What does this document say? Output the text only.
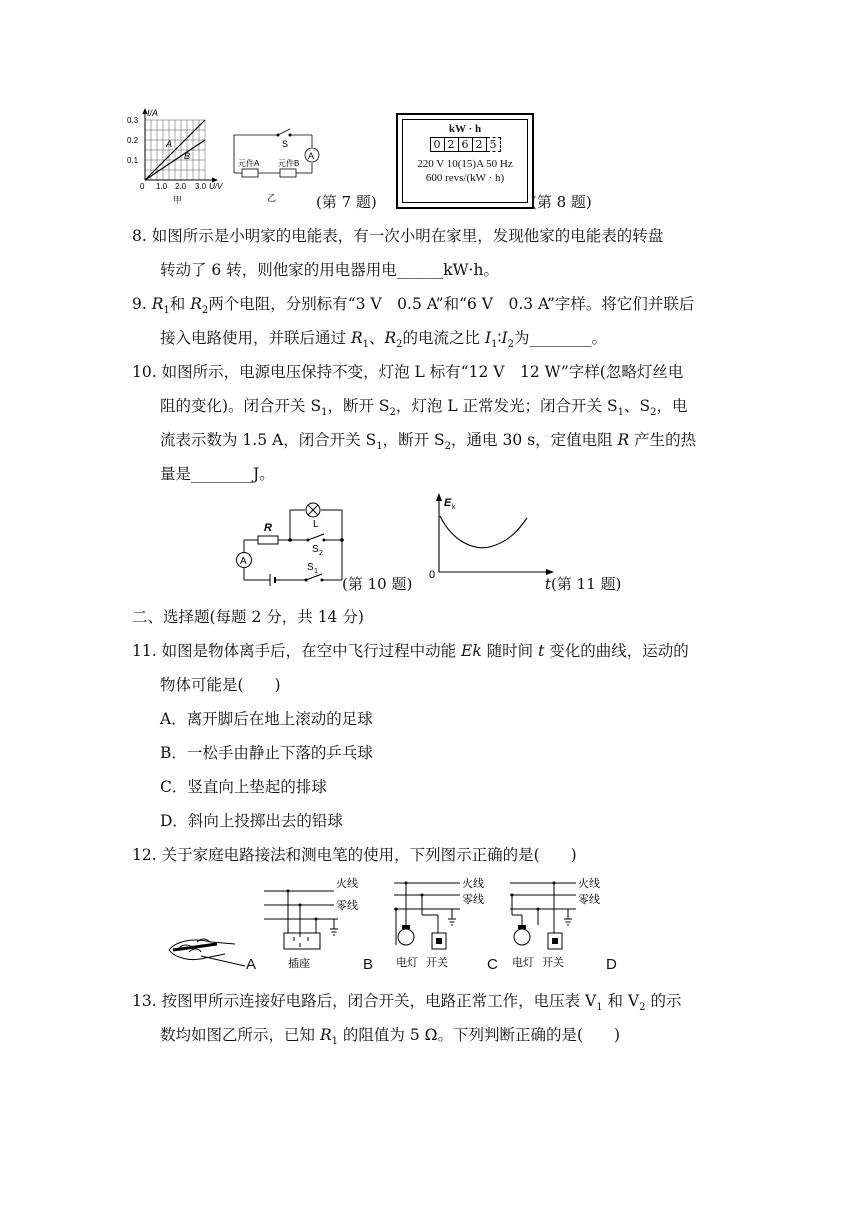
I/A
0.3
0.2
0.1
0 1.0 2.0 3.0 U/V
A
B
甲
S
A
元件A 元件B
乙	(第 7 题)
kW · h
0 2 6 2 5
220 V 10(15)A 50 Hz
600 revs/(kW · h)
(第 8 题)
8. 如图所示是小明家的电能表，有一次小明在家里，发现他家的电能表的转盘
转动了 6 转，则他家的用电器用电______kW·h。
9. $R_1$和 $R_2$两个电阻，分别标有“3 V　0.5 A”和“6 V　0.3 A”字样。将它们并联后
接入电路使用，并联后通过 $R_1$、$R_2$的电流之比 $I_1∶I_2$为________。
10. 如图所示，电源电压保持不变，灯泡 L 标有“12 V　12 W”字样(忽略灯丝电
阻的变化)。闭合开关 $S_1$，断开 $S_2$，灯泡 L 正常发光；闭合开关 $S_1$、$S_2$，电
流表示数为 1.5 A，闭合开关 $S_1$，断开 $S_2$，通电 30 s，定值电阻 R 产生的热
量是________J。
R	L
S 2
S 1
A
(第 10 题)
E k
0	t(第 11 题)
二、选择题(每题 2 分，共 14 分)
11. 如图是物体离手后，在空中飞行过程中动能 Ek 随时间 t 变化的曲线，运动的
物体可能是(　　)
A．离开脚后在地上滚动的足球
B．一松手由静止下落的乒乓球
C．竖直向上垫起的排球
D．斜向上投掷出去的铅球
12. 关于家庭电路接法和测电笔的使用，下列图示正确的是(　　)
A
火线
零线
插座	B
火线
零线
电灯 开关	C
火线
零线
电灯 开关	D
13. 按图甲所示连接好电路后，闭合开关，电路正常工作，电压表 $V_1$ 和 $V_2$ 的示
数均如图乙所示，已知 $R_1$ 的阻值为 5 Ω。下列判断正确的是(　　)
